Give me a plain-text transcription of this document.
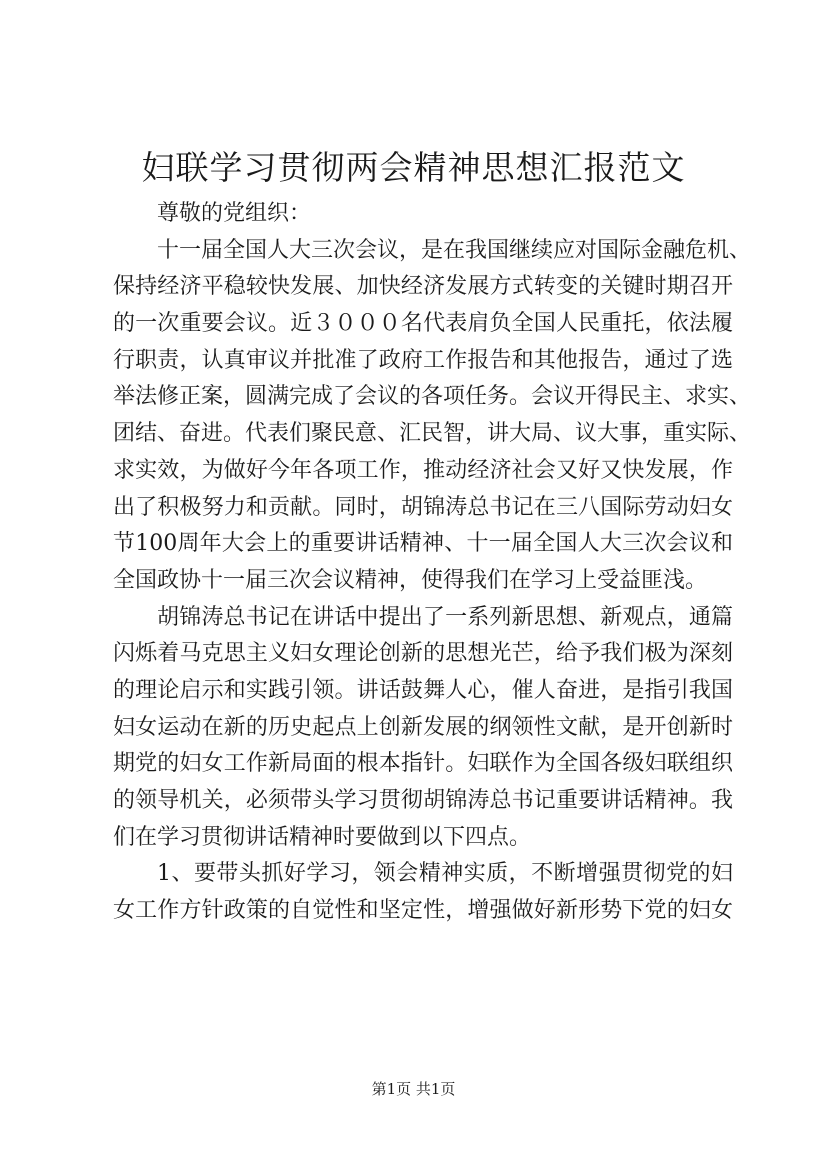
妇联学习贯彻两会精神思想汇报范文
尊敬的党组织：
十一届全国人大三次会议，是在我国继续应对国际金融危机、
保持经济平稳较快发展、加快经济发展方式转变的关键时期召开
的一次重要会议。近３０００名代表肩负全国人民重托，依法履
行职责，认真审议并批准了政府工作报告和其他报告，通过了选
举法修正案，圆满完成了会议的各项任务。会议开得民主、求实、
团结、奋进。代表们聚民意、汇民智，讲大局、议大事，重实际、
求实效，为做好今年各项工作，推动经济社会又好又快发展，作
出了积极努力和贡献。同时，胡锦涛总书记在三八国际劳动妇女
节100周年大会上的重要讲话精神、十一届全国人大三次会议和
全国政协十一届三次会议精神，使得我们在学习上受益匪浅。
胡锦涛总书记在讲话中提出了一系列新思想、新观点，通篇
闪烁着马克思主义妇女理论创新的思想光芒，给予我们极为深刻
的理论启示和实践引领。讲话鼓舞人心，催人奋进，是指引我国
妇女运动在新的历史起点上创新发展的纲领性文献，是开创新时
期党的妇女工作新局面的根本指针。妇联作为全国各级妇联组织
的领导机关，必须带头学习贯彻胡锦涛总书记重要讲话精神。我
们在学习贯彻讲话精神时要做到以下四点。
1、要带头抓好学习，领会精神实质，不断增强贯彻党的妇
女工作方针政策的自觉性和坚定性，增强做好新形势下党的妇女
第1页 共1页
